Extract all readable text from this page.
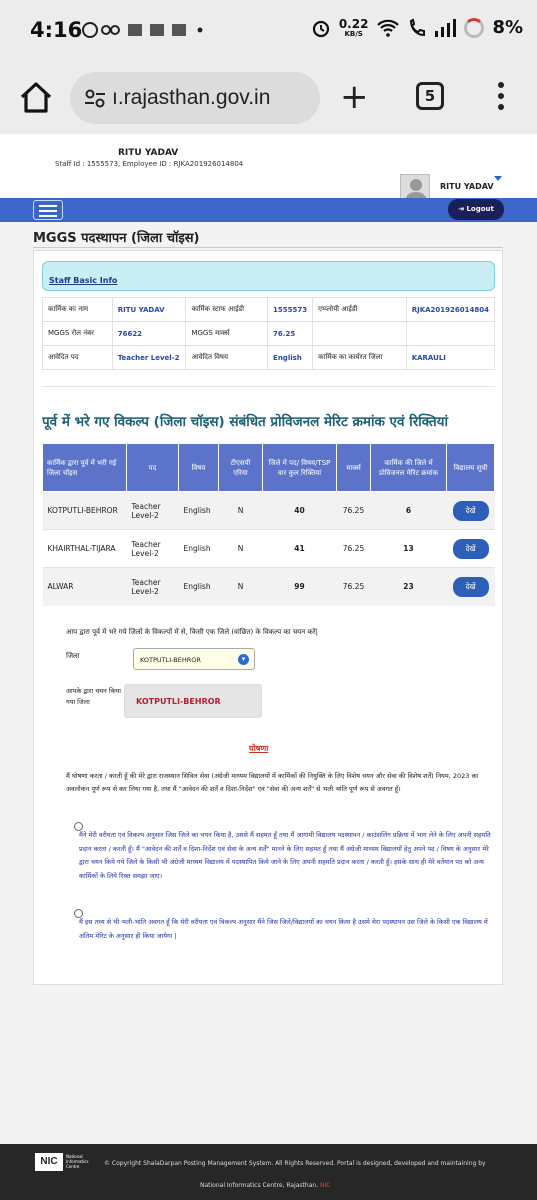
4:16	0.22
KB/S	8%
ı.rajasthan.gov.in +	5
RITU YADAV
Staff Id : 1555573, Employee ID : RJKA201926014804
RITU YADAV
⇥ Logout
MGGS पदस्थापन (जिला चॉइस)
Staff Basic Info
कार्मिक का नाम	RITU YADAV	कार्मिक स्टाफ आईडी	1555573	एम्प्लोयी आईडी	RJKA201926014804
MGGS रोल नंबर	76622	MGGS मार्क्स	76.25		
आवेदित पद	Teacher Level-2	आवेदित विषय	English	कार्मिक का कार्यरत जिला	KARAULI
पूर्व में भरे गए विकल्प (जिला चॉइस) संबंधित प्रोविजनल मेरिट क्रमांक एवं रिक्तियां
कार्मिक द्वारा पूर्व में भरी गई जिला चॉइस	पद	विषय	टीएसपी एरिया	जिले में पद/ विषय/TSP वार कुल रिक्तियां	मार्क्स	कार्मिक की जिले में प्रोविजनल मेरिट क्रमांक	विद्यालय सूची
KOTPUTLI-BEHROR	Teacher Level-2	English	N	40	76.25	6	देखें
KHAIRTHAL-TIJARA	Teacher Level-2	English	N	41	76.25	13	देखें
ALWAR	Teacher Level-2	English	N	99	76.25	23	देखें
आप द्वारा पूर्व में भरे गये जिलों के विकल्पों में से, किसी एक जिले (वांछित) के विकल्प का चयन करें|
जिला	KOTPUTLI-BEHROR	▾
आपके द्वारा चयन किया गया जिला	KOTPUTLI-BEHROR
घोषणा
मैं घोषणा करता / करती हूँ की मेरे द्वारा राजस्थान सिविल सेवा (अंग्रेजी माध्यम विद्यालयों में कार्मिकों की नियुक्ति के लिए विशेष चयन और सेवा की विशेष शर्तें) नियम, 2023 का अवलोकन पूर्ण रूप से कर लिया गया है, तथा मैं "आवेदन की शर्तें व दिशा-निर्देश" एवं "सेवा की अन्य शर्तें" से भली भांति पूर्ण रूप से अवगत हूँ।
मैंने मेरी वरीयता एवं विकल्प अनुसार जिस जिले का चयन किया है, उससे मैं सहमत हूँ तथा मैं आगामी विद्यालय पदस्थापन / काउंसलिंग प्रक्रिया में भाग लेने के लिए अपनी सहमति प्रदान करता / करती हूँ। मैं "आवेदन की शर्तें व दिशा-निर्देश एवं सेवा के अन्य शर्तें" मानने के लिए सहमत हूँ तथा मैं अंग्रेजी माध्यम विद्यालयों हेतु अपने पद / विषय के अनुसार मेरे द्वारा चयन किये गये जिले के किसी भी अंग्रेजी माध्यम विद्यालय में पदस्थापित किये जाने के लिए अपनी सहमति प्रदान करता / करती हूँ। इसके साथ ही मेरे वर्तमान पद को अन्य कार्मिकों के लिये रिक्त समझा जाए।
मैं इस तथ्य से भी भली-भांति अवगत हूँ कि मेरी वरीयता एवं विकल्प अनुसार मैंने जिस जिले/विद्यालयों का चयन किया है उसमे मेरा पदस्थापन उस जिले के किसी एक विद्यालय में अंतिम मेरिट के अनुसार ही किया जायेगा |
NIC	National
Informatics
Centre	© Copyright ShalaDarpan Posting Management System. All Rights Reserved. Portal is designed, developed and maintaining by
National Informatics Centre, Rajasthan. NIC
